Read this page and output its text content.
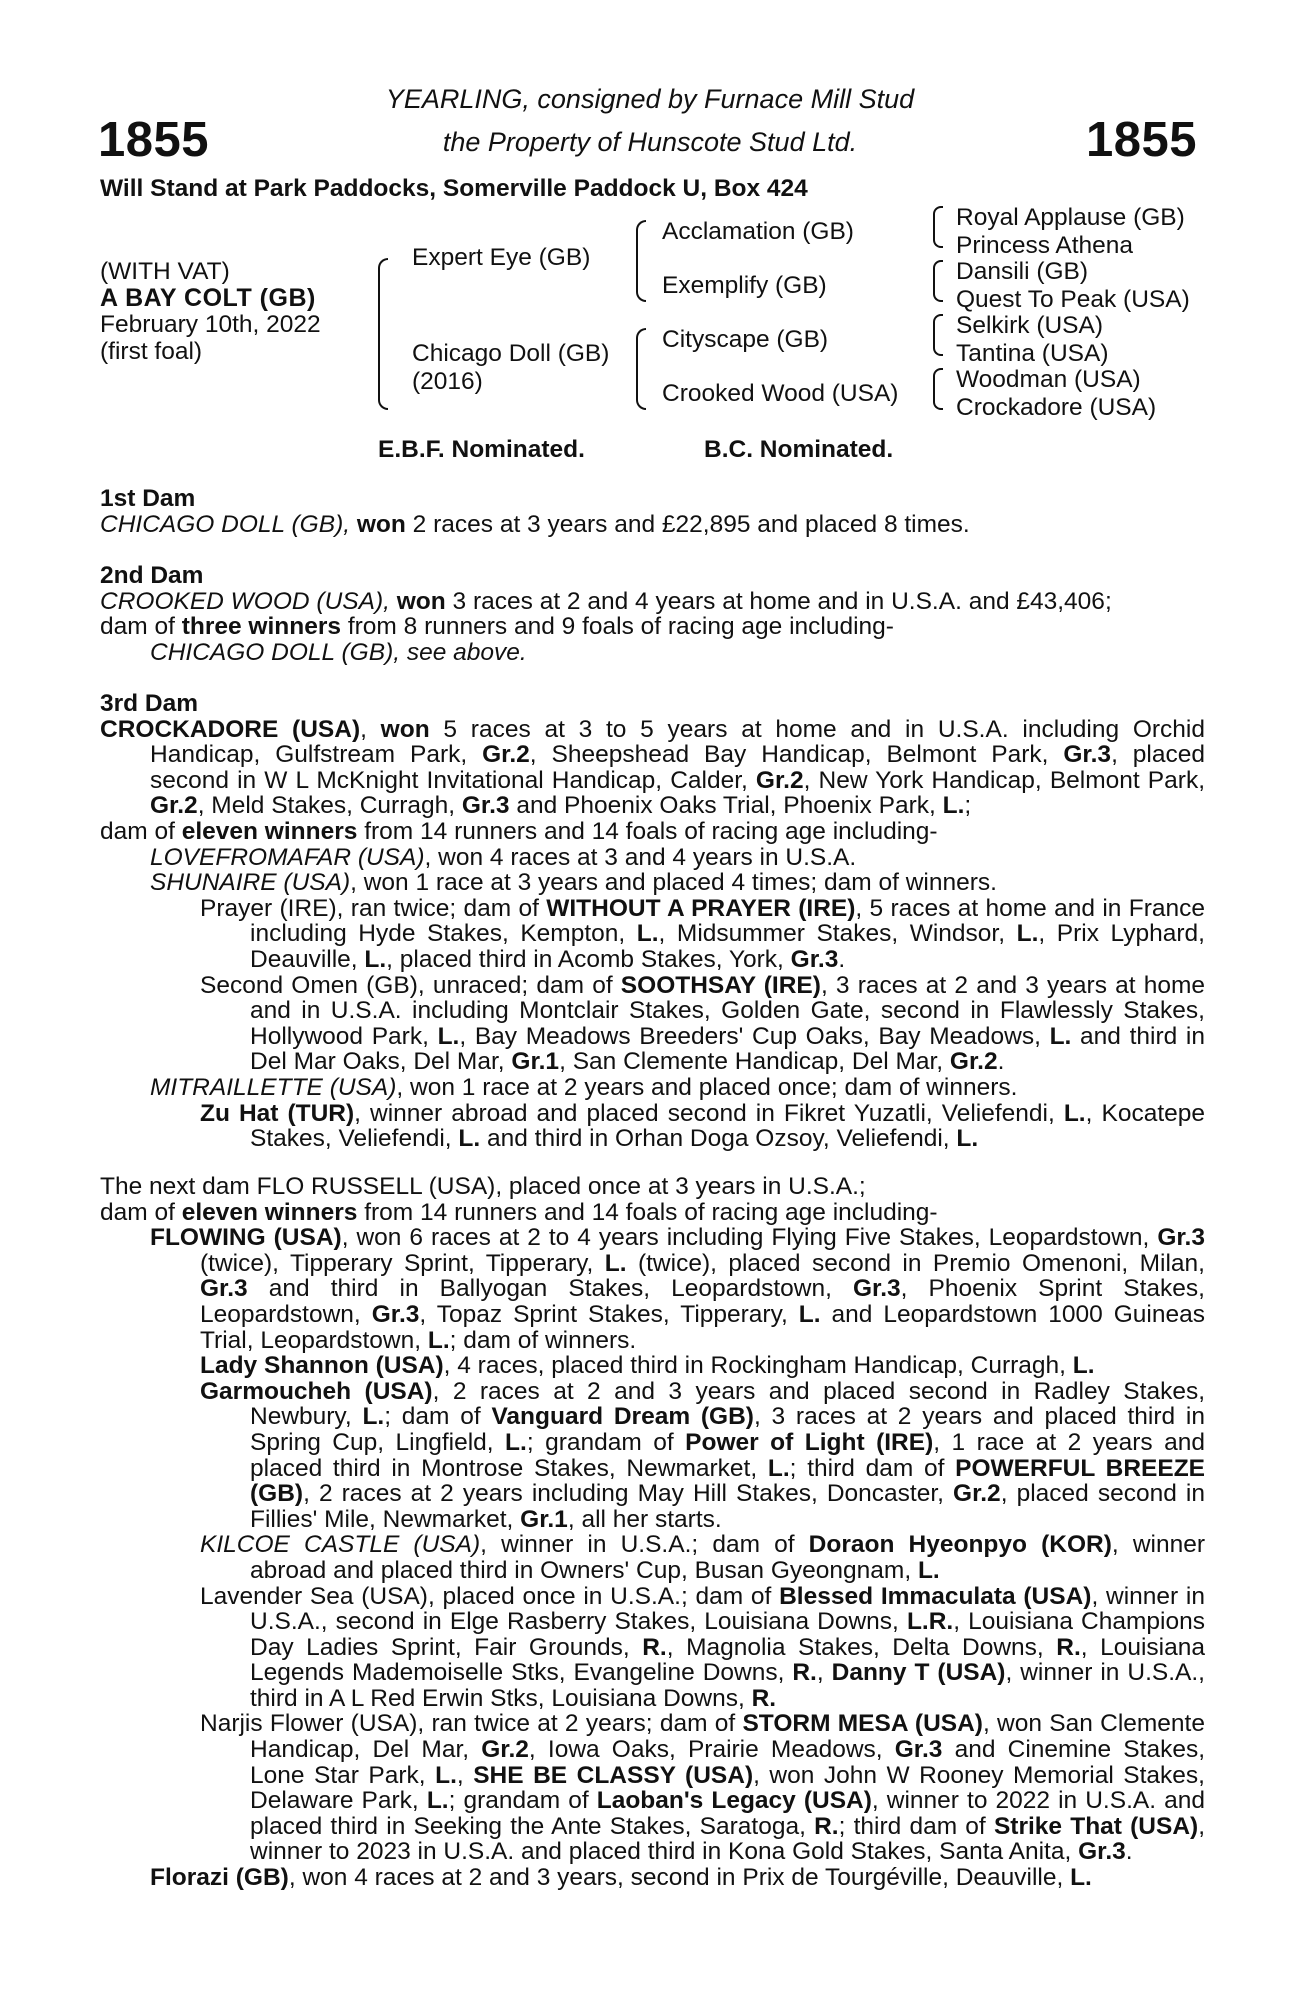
1855	1855
YEARLING, consigned by Furnace Mill Stud
the Property of Hunscote Stud Ltd.
Will Stand at Park Paddocks, Somerville Paddock U, Box 424
(WITH VAT)
A BAY COLT (GB)
February 10th, 2022
(first foal)
Expert Eye (GB)
Chicago Doll (GB)
(2016)
Acclamation (GB)
Exemplify (GB)
Cityscape (GB)
Crooked Wood (USA)
Royal Applause (GB)
Princess Athena
Dansili (GB)
Quest To Peak (USA)
Selkirk (USA)
Tantina (USA)
Woodman (USA)
Crockadore (USA)
E.B.F. Nominated.	B.C. Nominated.
1st Dam

CHICAGO DOLL (GB), won 2 races at 3 years and £22,895 and placed 8 times.

2nd Dam

CROOKED WOOD (USA), won 3 races at 2 and 4 years at home and in U.S.A. and £43,406;

dam of three winners from 8 runners and 9 foals of racing age including-

CHICAGO DOLL (GB), see above.

3rd Dam

CROCKADORE (USA), won 5 races at 3 to 5 years at home and in U.S.A. including Orchid Handicap, Gulfstream Park, Gr.2, Sheepshead Bay Handicap, Belmont Park, Gr.3, placed second in W L McKnight Invitational Handicap, Calder, Gr.2, New York Handicap, Belmont Park, Gr.2, Meld Stakes, Curragh, Gr.3 and Phoenix Oaks Trial, Phoenix Park, L.;

dam of eleven winners from 14 runners and 14 foals of racing age including-

LOVEFROMAFAR (USA), won 4 races at 3 and 4 years in U.S.A.

SHUNAIRE (USA), won 1 race at 3 years and placed 4 times; dam of winners.

Prayer (IRE), ran twice; dam of WITHOUT A PRAYER (IRE), 5 races at home and in France including Hyde Stakes, Kempton, L., Midsummer Stakes, Windsor, L., Prix Lyphard, Deauville, L., placed third in Acomb Stakes, York, Gr.3.

Second Omen (GB), unraced; dam of SOOTHSAY (IRE), 3 races at 2 and 3 years at home and in U.S.A. including Montclair Stakes, Golden Gate, second in Flawlessly Stakes, Hollywood Park, L., Bay Meadows Breeders' Cup Oaks, Bay Meadows, L. and third in Del Mar Oaks, Del Mar, Gr.1, San Clemente Handicap, Del Mar, Gr.2.

MITRAILLETTE (USA), won 1 race at 2 years and placed once; dam of winners.

Zu Hat (TUR), winner abroad and placed second in Fikret Yuzatli, Veliefendi, L., Kocatepe Stakes, Veliefendi, L. and third in Orhan Doga Ozsoy, Veliefendi, L.

The next dam FLO RUSSELL (USA), placed once at 3 years in U.S.A.;

dam of eleven winners from 14 runners and 14 foals of racing age including-

FLOWING (USA), won 6 races at 2 to 4 years including Flying Five Stakes, Leopardstown, Gr.3 (twice), Tipperary Sprint, Tipperary, L. (twice), placed second in Premio Omenoni, Milan, Gr.3 and third in Ballyogan Stakes, Leopardstown, Gr.3, Phoenix Sprint Stakes, Leopardstown, Gr.3, Topaz Sprint Stakes, Tipperary, L. and Leopardstown 1000 Guineas Trial, Leopardstown, L.; dam of winners.

Lady Shannon (USA), 4 races, placed third in Rockingham Handicap, Curragh, L.

Garmoucheh (USA), 2 races at 2 and 3 years and placed second in Radley Stakes, Newbury, L.; dam of Vanguard Dream (GB), 3 races at 2 years and placed third in Spring Cup, Lingfield, L.; grandam of Power of Light (IRE), 1 race at 2 years and placed third in Montrose Stakes, Newmarket, L.; third dam of POWERFUL BREEZE (GB), 2 races at 2 years including May Hill Stakes, Doncaster, Gr.2, placed second in Fillies' Mile, Newmarket, Gr.1, all her starts.

KILCOE CASTLE (USA), winner in U.S.A.; dam of Doraon Hyeonpyo (KOR), winner abroad and placed third in Owners' Cup, Busan Gyeongnam, L.

Lavender Sea (USA), placed once in U.S.A.; dam of Blessed Immaculata (USA), winner in U.S.A., second in Elge Rasberry Stakes, Louisiana Downs, L.R., Louisiana Champions Day Ladies Sprint, Fair Grounds, R., Magnolia Stakes, Delta Downs, R., Louisiana Legends Mademoiselle Stks, Evangeline Downs, R., Danny T (USA), winner in U.S.A., third in A L Red Erwin Stks, Louisiana Downs, R.

Narjis Flower (USA), ran twice at 2 years; dam of STORM MESA (USA), won San Clemente Handicap, Del Mar, Gr.2, Iowa Oaks, Prairie Meadows, Gr.3 and Cinemine Stakes, Lone Star Park, L., SHE BE CLASSY (USA), won John W Rooney Memorial Stakes, Delaware Park, L.; grandam of Laoban's Legacy (USA), winner to 2022 in U.S.A. and placed third in Seeking the Ante Stakes, Saratoga, R.; third dam of Strike That (USA), winner to 2023 in U.S.A. and placed third in Kona Gold Stakes, Santa Anita, Gr.3.

Florazi (GB), won 4 races at 2 and 3 years, second in Prix de Tourgéville, Deauville, L.
